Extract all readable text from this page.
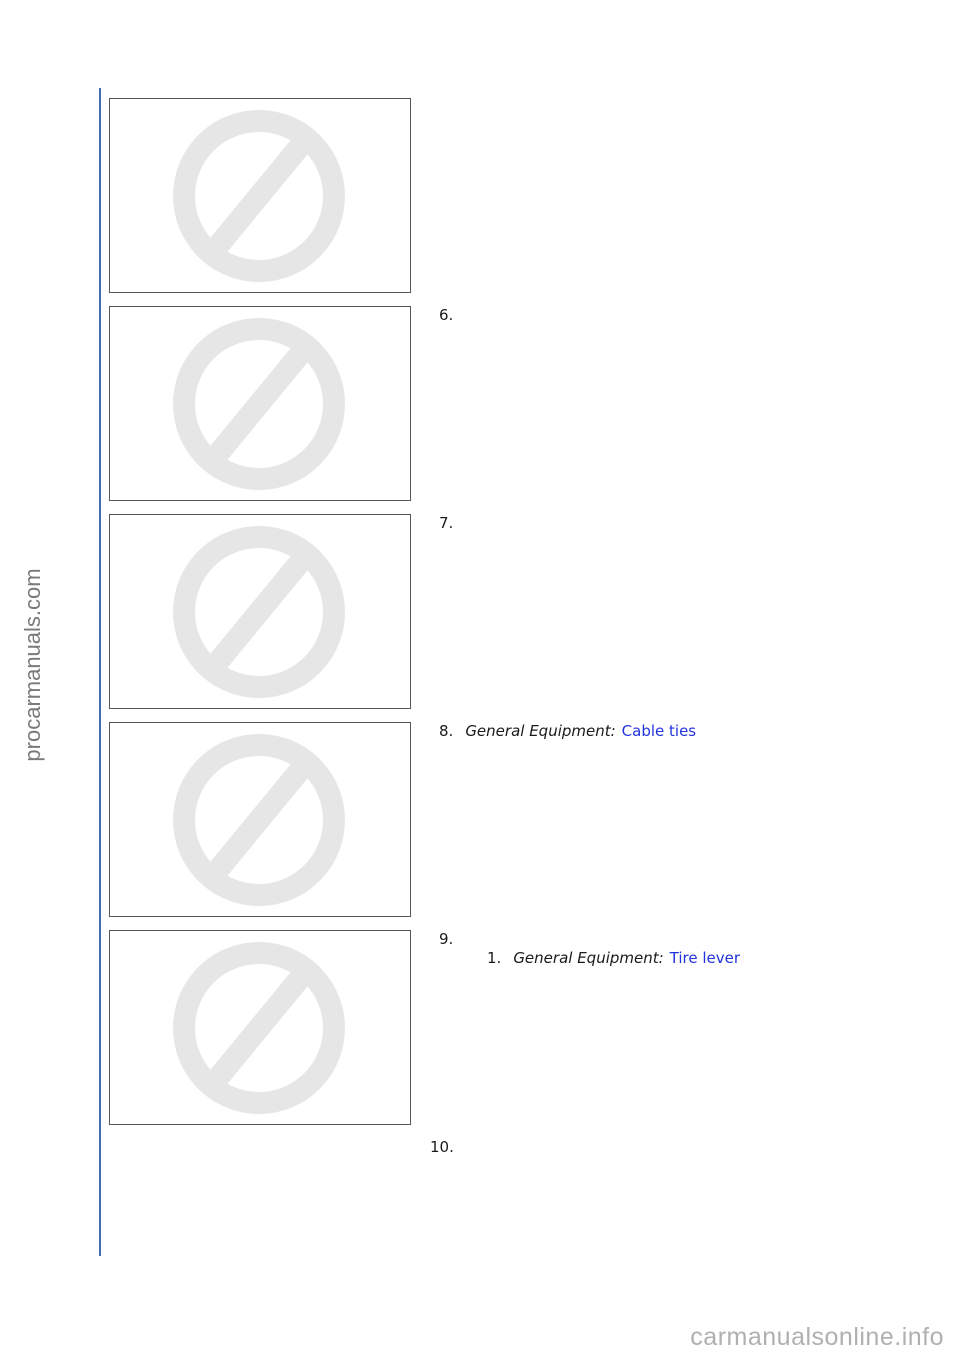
procarmanuals.com
6.
7.
8. General Equipment: Cable ties
9.
1. General Equipment: Tire lever
10.
carmanualsonline.info
